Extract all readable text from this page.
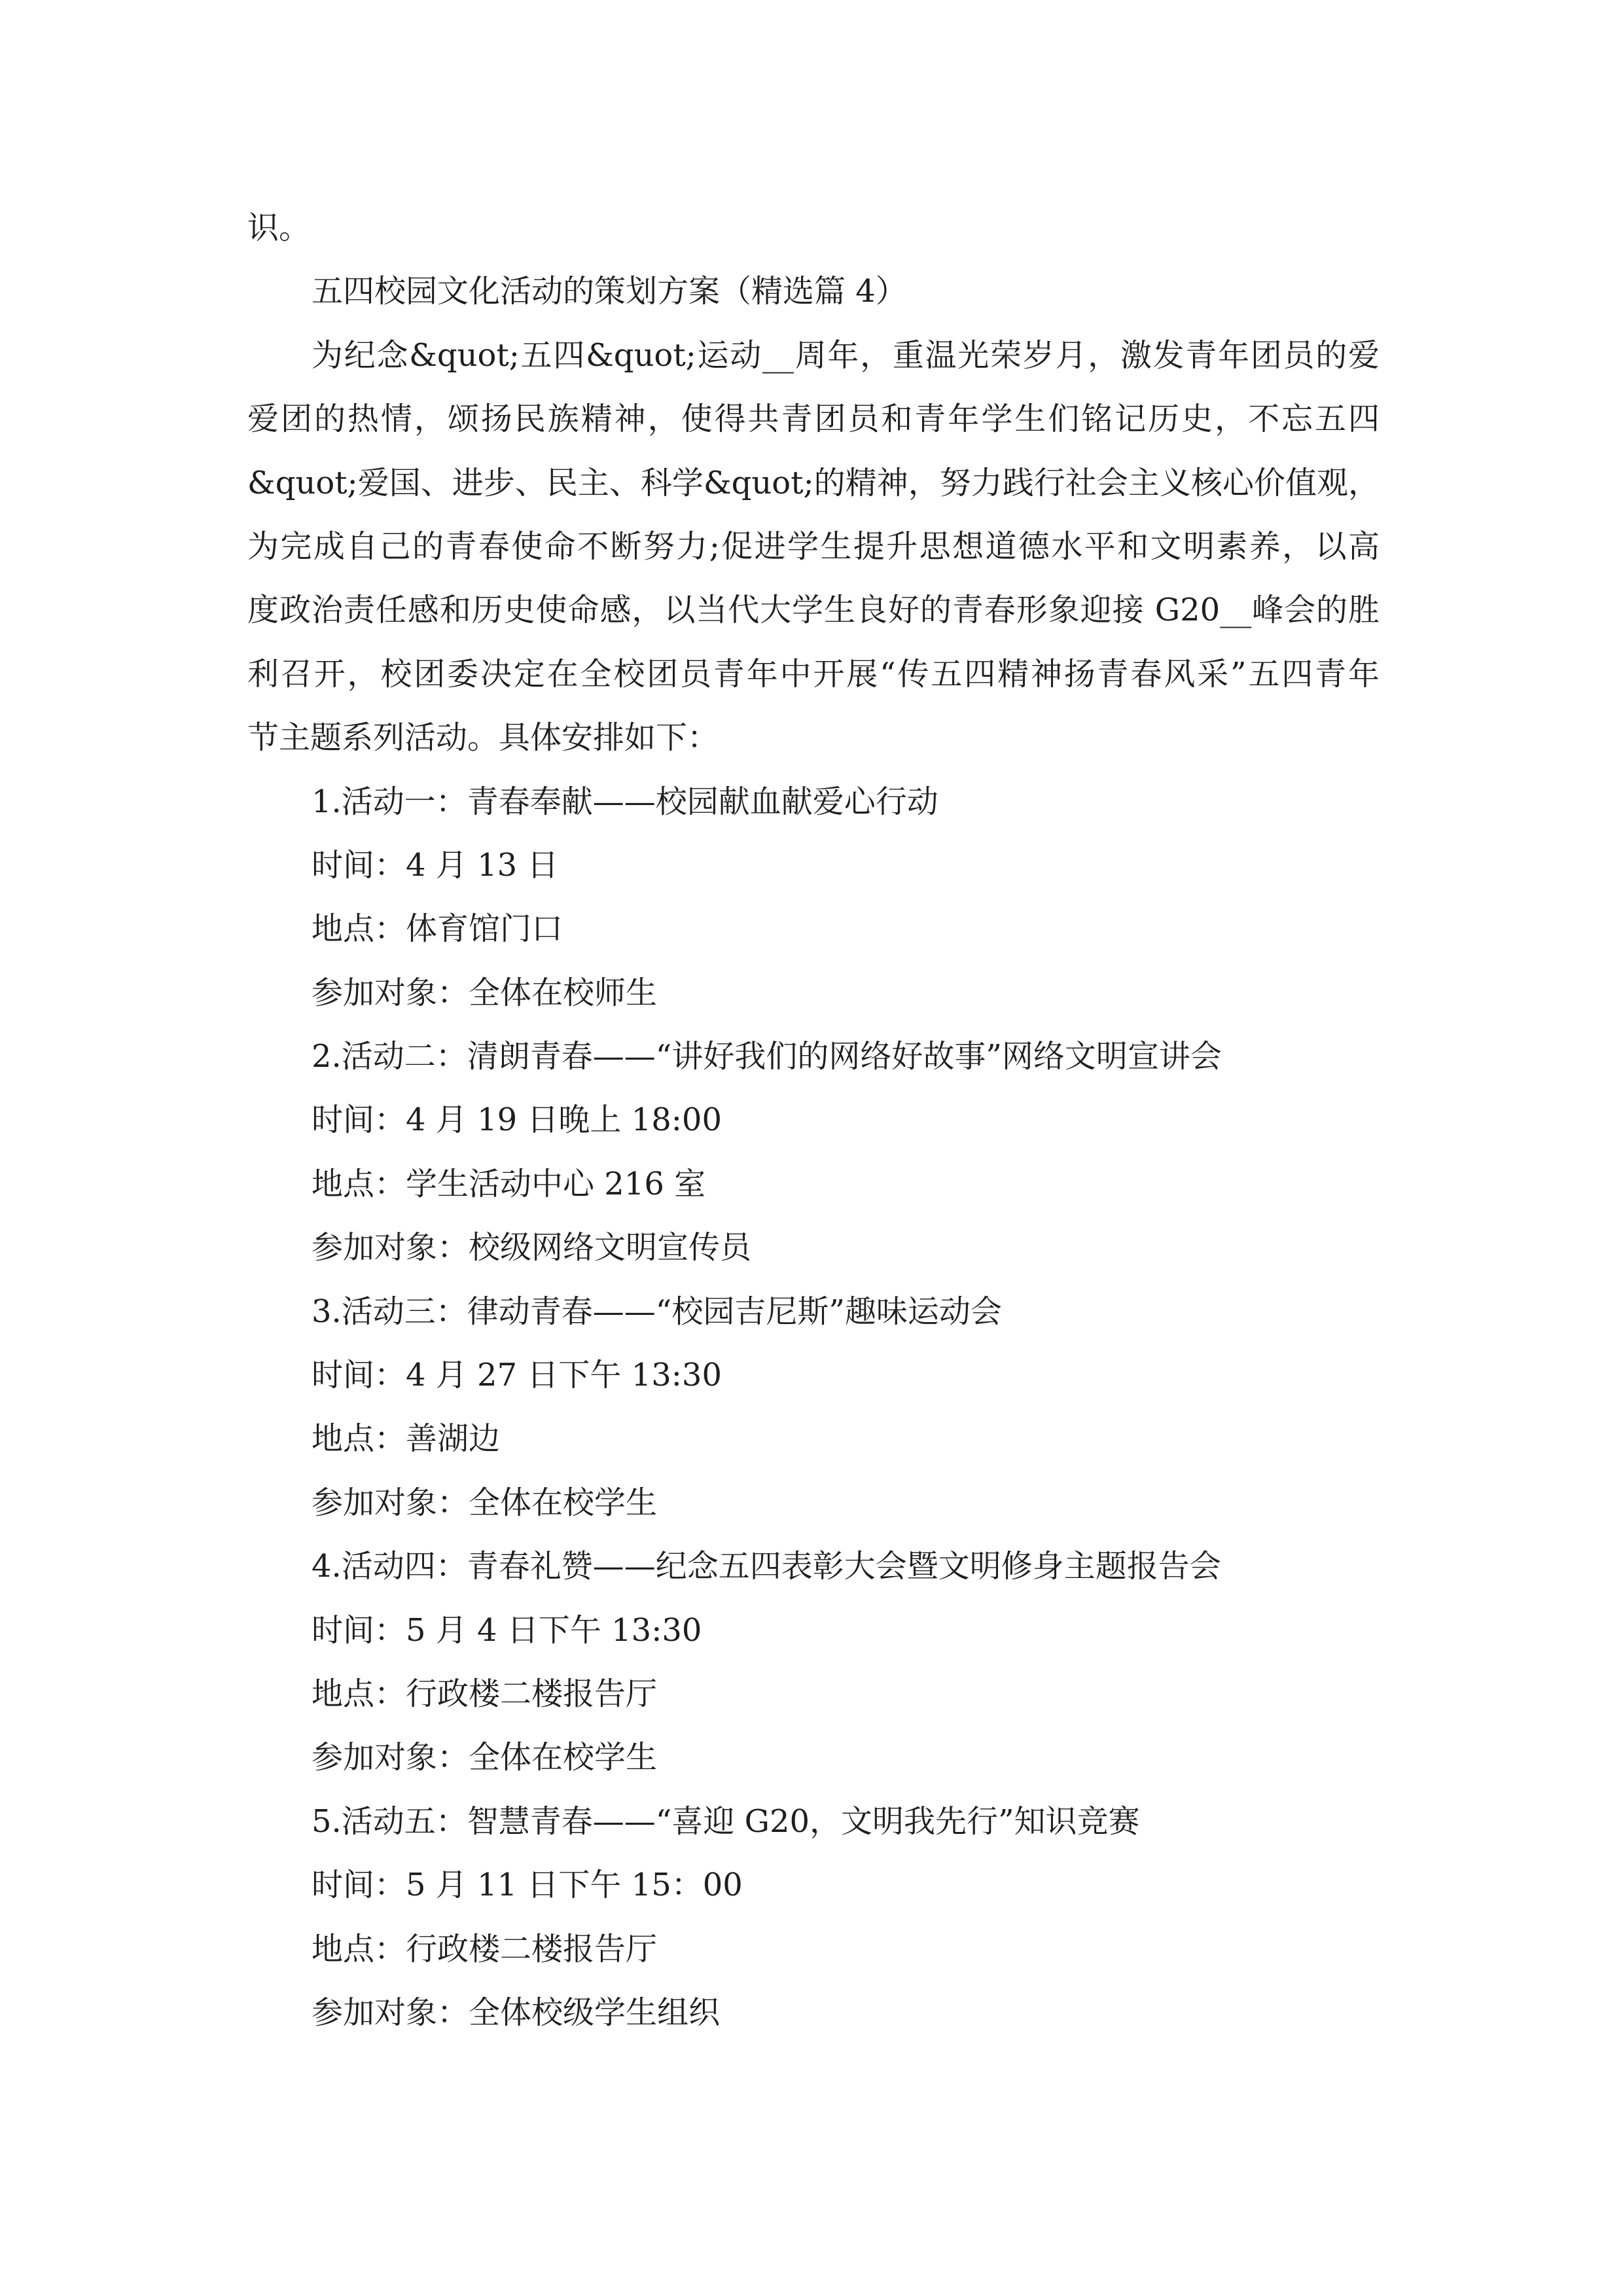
识。
五四校园文化活动的策划方案（精选篇 4）
为纪念&quot;五四&quot;运动__周年，重温光荣岁月，激发青年团员的爱
爱团的热情，颂扬民族精神，使得共青团员和青年学生们铭记历史，不忘五四
&quot;爱国、进步、民主、科学&quot;的精神，努力践行社会主义核心价值观，
为完成自己的青春使命不断努力;促进学生提升思想道德水平和文明素养，以高
度政治责任感和历史使命感，以当代大学生良好的青春形象迎接 G20__峰会的胜
利召开，校团委决定在全校团员青年中开展“传五四精神扬青春风采”五四青年
节主题系列活动。具体安排如下：
1.活动一：青春奉献——校园献血献爱心行动
时间：4 月 13 日
地点：体育馆门口
参加对象：全体在校师生
2.活动二：清朗青春——“讲好我们的网络好故事”网络文明宣讲会
时间：4 月 19 日晚上 18:00
地点：学生活动中心 216 室
参加对象：校级网络文明宣传员
3.活动三：律动青春——“校园吉尼斯”趣味运动会
时间：4 月 27 日下午 13:30
地点：善湖边
参加对象：全体在校学生
4.活动四：青春礼赞——纪念五四表彰大会暨文明修身主题报告会
时间：5 月 4 日下午 13:30
地点：行政楼二楼报告厅
参加对象：全体在校学生
5.活动五：智慧青春——“喜迎 G20，文明我先行”知识竞赛
时间：5 月 11 日下午 15：00
地点：行政楼二楼报告厅
参加对象：全体校级学生组织
